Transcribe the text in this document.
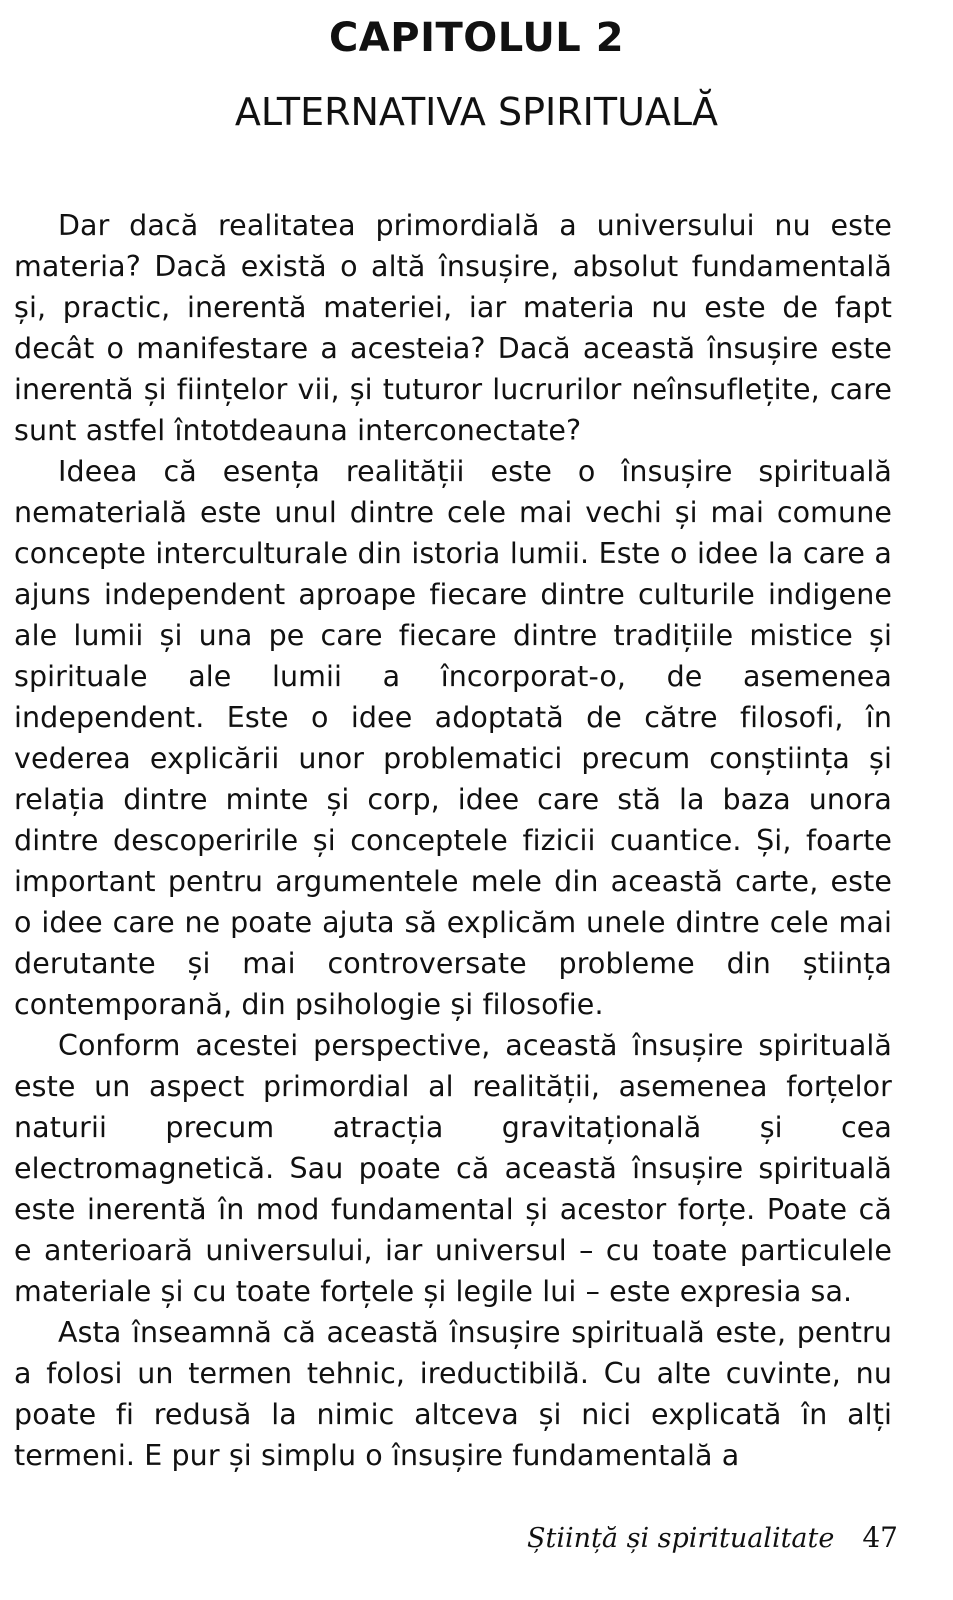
CAPITOLUL 2
ALTERNATIVA SPIRITUALĂ

Dar dacă realitatea primordială a universului nu este materia? Dacă există o altă însușire, absolut fundamentală și, practic, inerentă materiei, iar materia nu este de fapt decât o manifestare a acesteia? Dacă această însușire este inerentă și ființelor vii, și tuturor lucrurilor neînsuflețite, care sunt astfel întotdeauna interconectate?

Ideea că esența realității este o însușire spirituală nematerială este unul dintre cele mai vechi și mai comune concepte interculturale din istoria lumii. Este o idee la care a ajuns independent aproape fiecare dintre culturile indigene ale lumii și una pe care fiecare dintre tradițiile mistice și spirituale ale lumii a încorporat-o, de asemenea independent. Este o idee adoptată de către filosofi, în vederea explicării unor problematici precum conștiința și relația dintre minte și corp, idee care stă la baza unora dintre descoperirile și conceptele fizicii cuantice. Și, foarte important pentru argumentele mele din această carte, este o idee care ne poate ajuta să explicăm unele dintre cele mai derutante și mai controversate probleme din știința contemporană, din psihologie și filosofie.

Conform acestei perspective, această însușire spirituală este un aspect primordial al realității, asemenea forțelor naturii precum atracția gravitațională și cea electromagnetică. Sau poate că această însușire spirituală este inerentă în mod fundamental și acestor forțe. Poate că e anterioară universului, iar universul – cu toate particulele materiale și cu toate forțele și legile lui – este expresia sa.

Asta înseamnă că această însușire spirituală este, pentru a folosi un termen tehnic, ireductibilă. Cu alte cuvinte, nu poate fi redusă la nimic altceva și nici explicată în alți termeni. E pur și simplu o însușire fundamentală a

Știință și spiritualitate 47
